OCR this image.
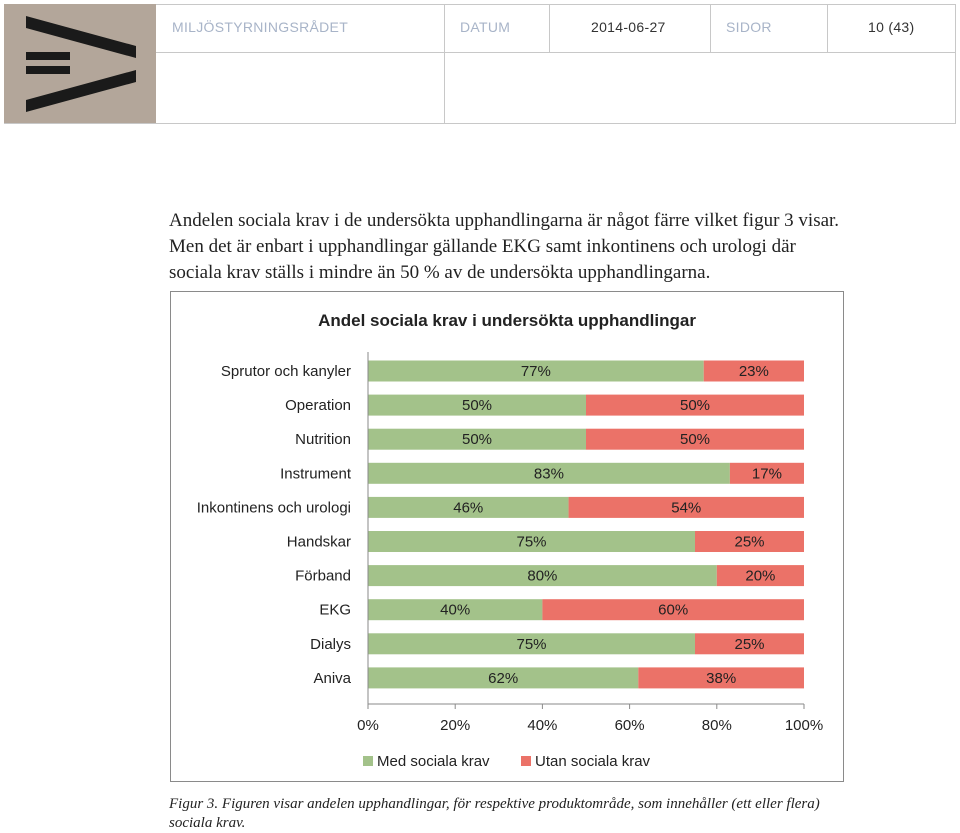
MILJÖSTYRNINGSRÅDET	DATUM	2014-06-27	SIDOR	10 (43)
Andelen sociala krav i de undersökta upphandlingarna är något färre vilket figur 3 visar.
Men det är enbart i upphandlingar gällande EKG samt inkontinens och urologi där
sociala krav ställs i mindre än 50 % av de undersökta upphandlingarna.
Andel sociala krav i undersökta upphandlingar
Sprutor och kanyler	77%	23%
Operation	50%	50%
Nutrition	50%	50%
Instrument	83%	17%
Inkontinens och urologi	46%	54%
Handskar	75%	25%
Förband	80%	20%
EKG	40%	60%
Dialys	75%	25%
Aniva	62%	38%
0%	20%	40%	60%	80%	100%
Med sociala krav	Utan sociala krav
Figur 3. Figuren visar andelen upphandlingar, för respektive produktområde, som innehåller (ett eller flera)
sociala krav.
